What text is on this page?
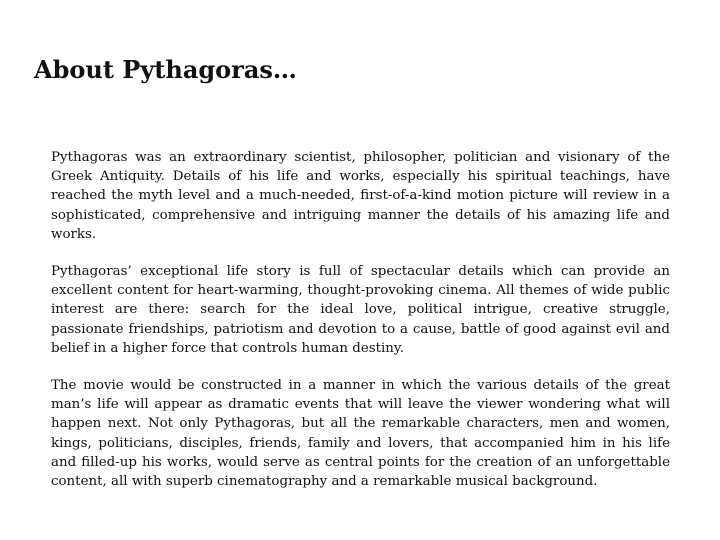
About Pythagoras…

Pythagoras was an extraordinary scientist, philosopher, politician and visionary of the Greek Antiquity. Details of his life and works, especially his spiritual teachings, have reached the myth level and a much-needed, first-of-a-kind motion picture will review in a sophisticated, comprehensive and intriguing manner the details of his amazing life and works.

Pythagoras’ exceptional life story is full of spectacular details which can provide an excellent content for heart-warming, thought-provoking cinema. All themes of wide public interest are there: search for the ideal love, political intrigue, creative struggle, passionate friendships, patriotism and devotion to a cause, battle of good against evil and belief in a higher force that controls human destiny.

The movie would be constructed in a manner in which the various details of the great man’s life will appear as dramatic events that will leave the viewer wondering what will happen next. Not only Pythagoras, but all the remarkable characters, men and women, kings, politicians, disciples, friends, family and lovers, that accompanied him in his life and filled-up his works, would serve as central points for the creation of an unforgettable content, all with superb cinematography and a remarkable musical background.
